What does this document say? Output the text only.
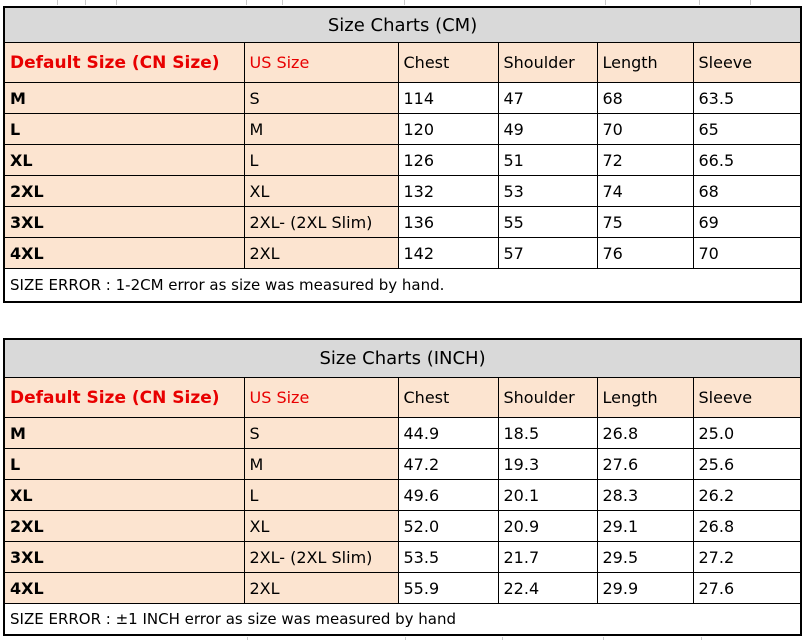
Size Charts (CM)					
Default Size (CN Size)	US Size	Chest	Shoulder	Length	Sleeve
M	S	114	47	68	63.5
L	M	120	49	70	65
XL	L	126	51	72	66.5
2XL	XL	132	53	74	68
3XL	2XL- (2XL Slim)	136	55	75	69
4XL	2XL	142	57	76	70
SIZE ERROR : 1-2CM error as size was measured by hand.					
Size Charts (INCH)					
Default Size (CN Size)	US Size	Chest	Shoulder	Length	Sleeve
M	S	44.9	18.5	26.8	25.0
L	M	47.2	19.3	27.6	25.6
XL	L	49.6	20.1	28.3	26.2
2XL	XL	52.0	20.9	29.1	26.8
3XL	2XL- (2XL Slim)	53.5	21.7	29.5	27.2
4XL	2XL	55.9	22.4	29.9	27.6
SIZE ERROR : ±1 INCH error as size was measured by hand					
